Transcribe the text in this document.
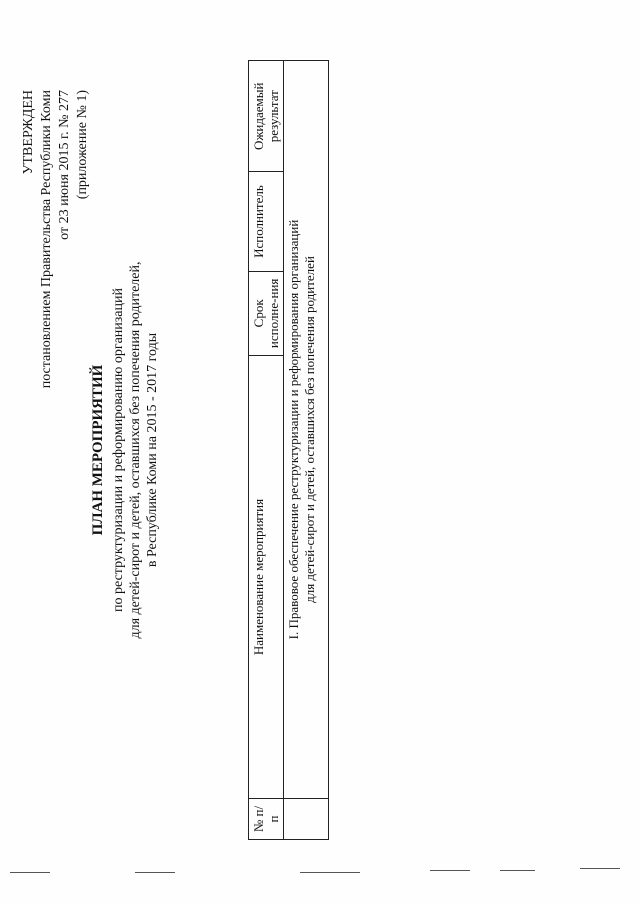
УТВЕРЖДЕН постановлением Правительства Республики Коми от 23 июня 2015 г. № 277 (приложение № 1)
ПЛАН МЕРОПРИЯТИЙ по реструктуризации и реформированию организаций для детей-сирот и детей, оставшихся без попечения родителей, в Республике Коми на 2015 - 2017 годы
№ п/п	Наименование мероприятия	Срок исполне-ния	Исполнитель	Ожидаемый результат

	I. Правовое обеспечение реструктуризации и реформирования организаций для детей-сирот и детей, оставшихся без попечения родителей			
